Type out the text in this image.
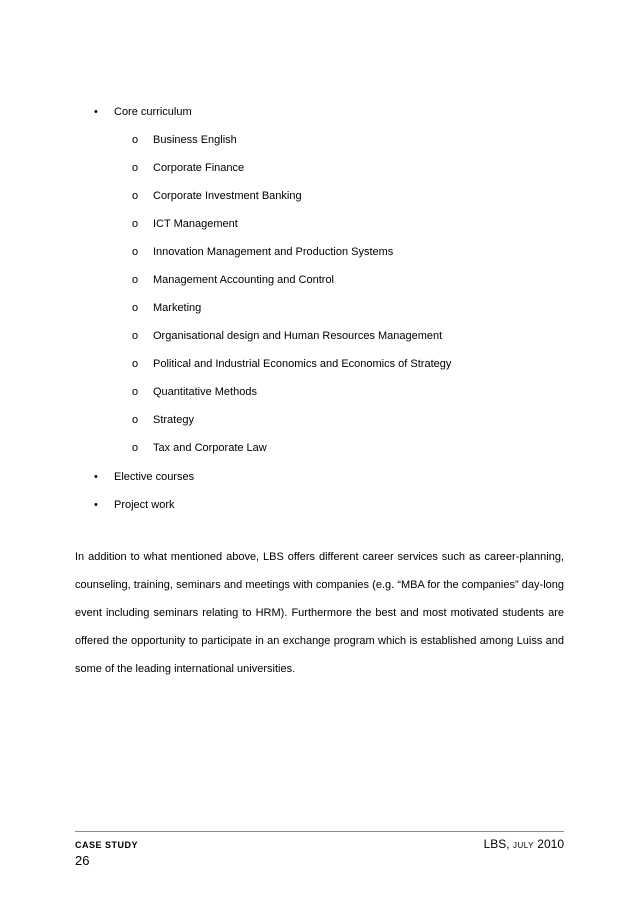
• Core curriculum
o Business English
o Corporate Finance
o Corporate Investment Banking
o ICT Management
o Innovation Management and Production Systems
o Management Accounting and Control
o Marketing
o Organisational design and Human Resources Management
o Political and Industrial Economics and Economics of Strategy
o Quantitative Methods
o Strategy
o Tax and Corporate Law
• Elective courses
• Project work

In addition to what mentioned above, LBS offers different career services such as career-planning, counseling, training, seminars and meetings with companies (e.g. “MBA for the companies” day-long event including seminars relating to HRM). Furthermore the best and most motivated students are offered the opportunity to participate in an exchange program which is established among Luiss and some of the leading international universities.

CASE STUDY
26
LBS, JULY 2010
